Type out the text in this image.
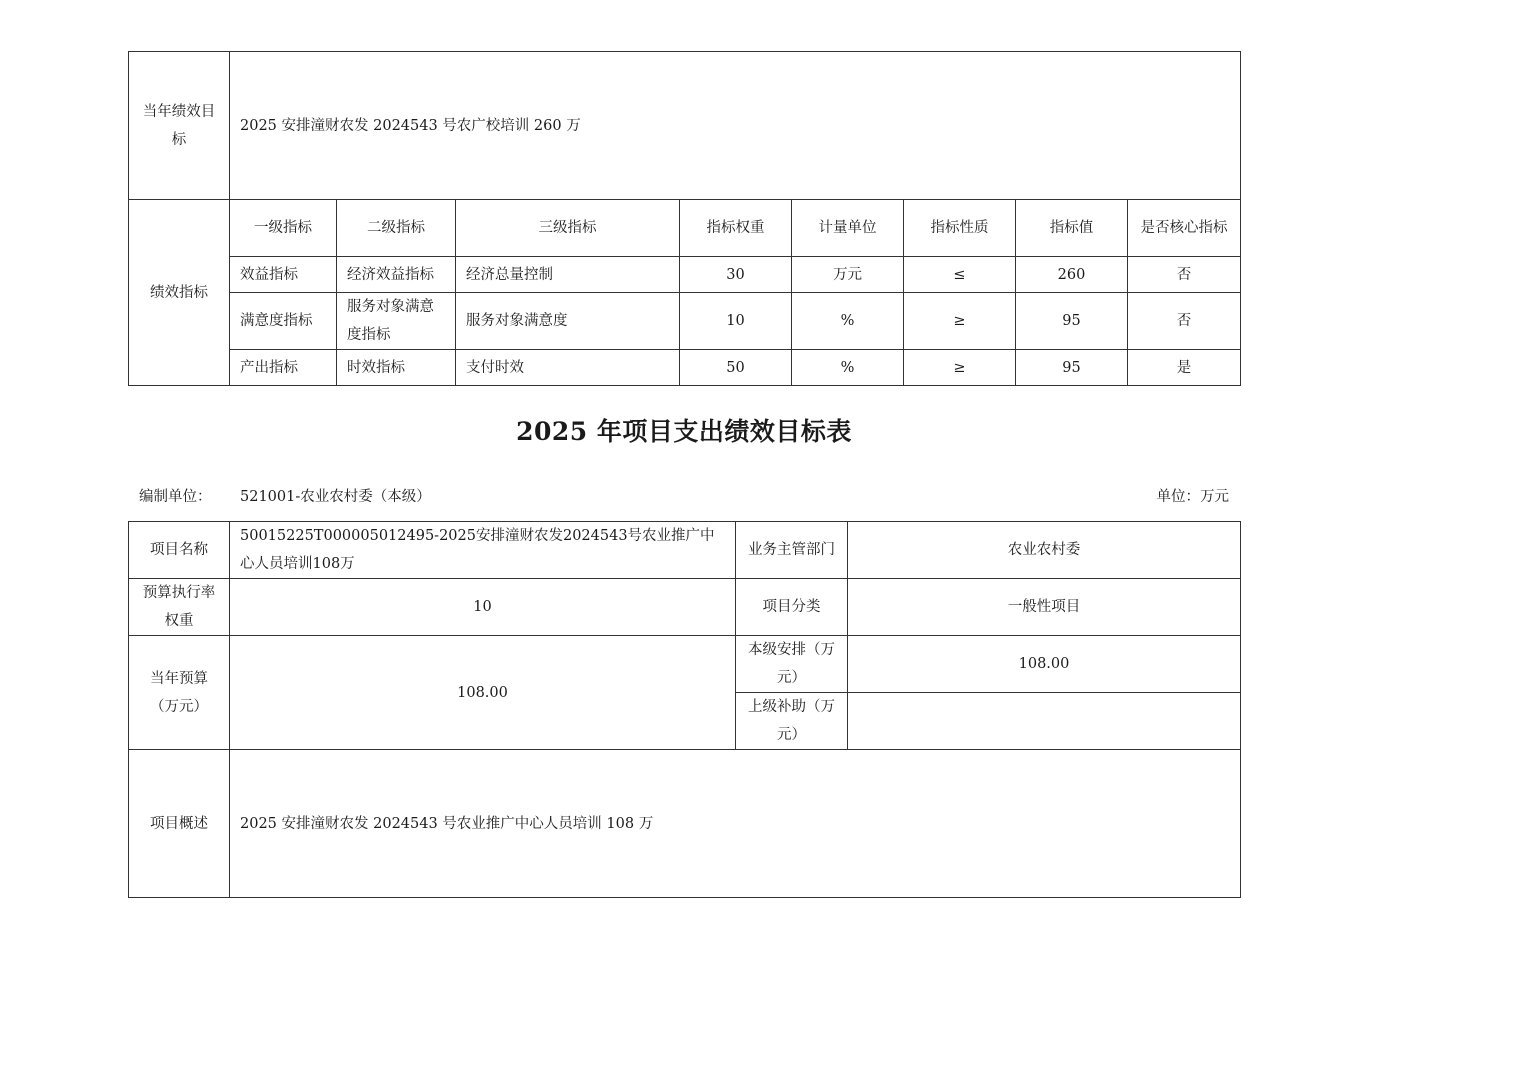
当年绩效目标	2025 安排潼财农发 2024543 号农广校培训 260 万							
绩效指标	一级指标	二级指标	三级指标	指标权重	计量单位	指标性质	指标值	是否核心指标
	效益指标	经济效益指标	经济总量控制	30	万元	≤	260	否
	满意度指标	服务对象满意度指标	服务对象满意度	10	%	≥	95	否
	产出指标	时效指标	支付时效	50	%	≥	95	是
2025 年项目支出绩效目标表
编制单位： 521001-农业农村委（本级）	单位：万元
项目名称	50015225T000005012495-2025安排潼财农发2024543号农业推广中心人员培训108万	业务主管部门	农业农村委
预算执行率权重	10	项目分类	一般性项目
当年预算（万元）	108.00	本级安排（万元）	108.00
		上级补助（万元）	
项目概述	2025 安排潼财农发 2024543 号农业推广中心人员培训 108 万		
